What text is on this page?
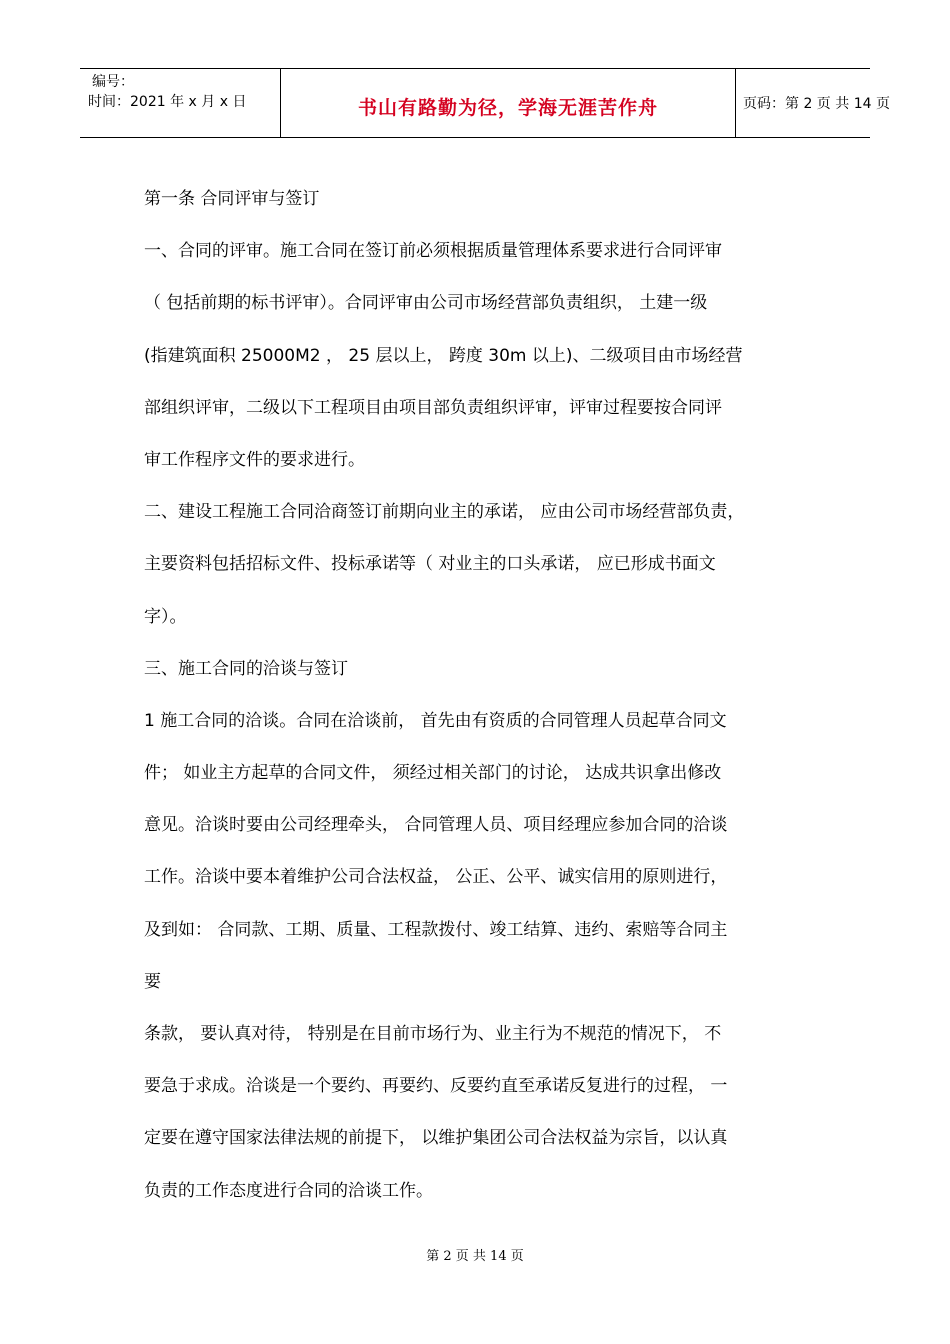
编号：
时间：2021 年 x 月 x 日	书山有路勤为径，学海无涯苦作舟	页码：第 2 页 共 14 页
第一条 合同评审与签订
一、合同的评审。施工合同在签订前必须根据质量管理体系要求进行合同评审
（ 包括前期的标书评审）。合同评审由公司市场经营部负责组织， 土建一级
(指建筑面积 25000M2 ， 25 层以上， 跨度 30m 以上)、二级项目由市场经营
部组织评审，二级以下工程项目由项目部负责组织评审，评审过程要按合同评
审工作程序文件的要求进行。
二、建设工程施工合同洽商签订前期向业主的承诺， 应由公司市场经营部负责，
主要资料包括招标文件、投标承诺等（ 对业主的口头承诺， 应已形成书面文
字）。
三、施工合同的洽谈与签订
1 施工合同的洽谈。合同在洽谈前， 首先由有资质的合同管理人员起草合同文
件； 如业主方起草的合同文件， 须经过相关部门的讨论， 达成共识拿出修改
意见。洽谈时要由公司经理牵头， 合同管理人员、项目经理应参加合同的洽谈
工作。洽谈中要本着维护公司合法权益， 公正、公平、诚实信用的原则进行，
及到如： 合同款、工期、质量、工程款拨付、竣工结算、违约、索赔等合同主
要
条款， 要认真对待， 特别是在目前市场行为、业主行为不规范的情况下， 不
要急于求成。洽谈是一个要约、再要约、反要约直至承诺反复进行的过程， 一
定要在遵守国家法律法规的前提下， 以维护集团公司合法权益为宗旨，以认真
负责的工作态度进行合同的洽谈工作。
第 2 页 共 14 页
